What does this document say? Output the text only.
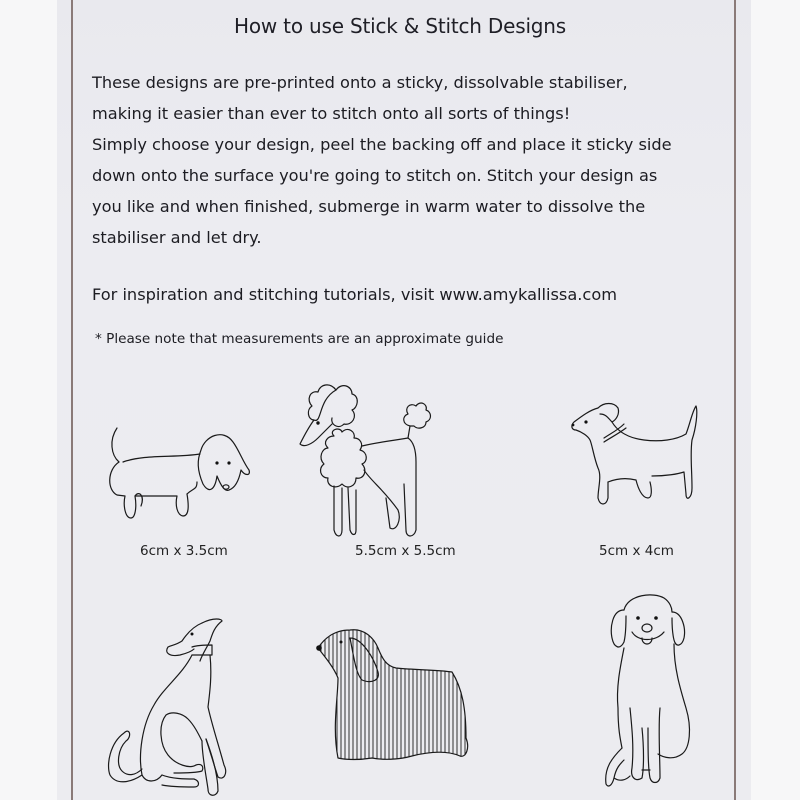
How to use Stick & Stitch Designs
These designs are pre-printed onto a sticky, dissolvable stabiliser,
making it easier than ever to stitch onto all sorts of things!
Simply choose your design, peel the backing off and place it sticky side
down onto the surface you're going to stitch on. Stitch your design as
you like and when finished, submerge in warm water to dissolve the
stabiliser and let dry.
For inspiration and stitching tutorials, visit www.amykallissa.com
* Please note that measurements are an approximate guide
6cm x 3.5cm	5.5cm x 5.5cm	5cm x 4cm
